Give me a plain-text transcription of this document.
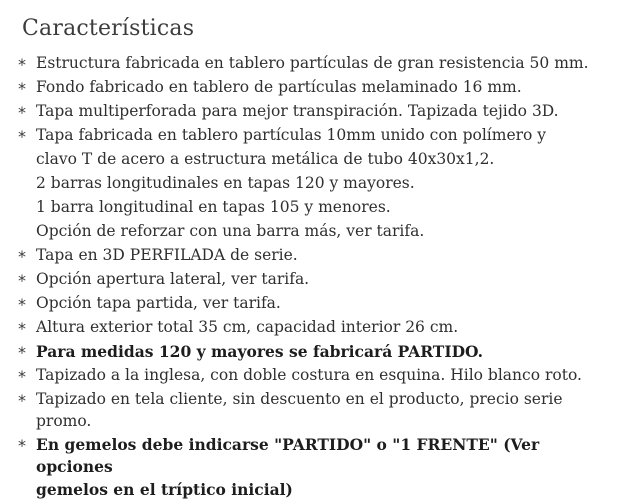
Características
* Estructura fabricada en tablero partículas de gran resistencia 50 mm.
* Fondo fabricado en tablero de partículas melaminado 16 mm.
* Tapa multiperforada para mejor transpiración. Tapizada tejido 3D.
* Tapa fabricada en tablero partículas 10mm unido con polímero y
clavo T de acero a estructura metálica de tubo 40x30x1,2.
2 barras longitudinales en tapas 120 y mayores.
1 barra longitudinal en tapas 105 y menores.
Opción de reforzar con una barra más, ver tarifa.
* Tapa en 3D PERFILADA de serie.
* Opción apertura lateral, ver tarifa.
* Opción tapa partida, ver tarifa.
* Altura exterior total 35 cm, capacidad interior 26 cm.
* Para medidas 120 y mayores se fabricará PARTIDO.
* Tapizado a la inglesa, con doble costura en esquina. Hilo blanco roto.
* Tapizado en tela cliente, sin descuento en el producto, precio serie  promo.
* En gemelos debe indicarse "PARTIDO" o "1 FRENTE" (Ver opciones
gemelos en el tríptico inicial)
